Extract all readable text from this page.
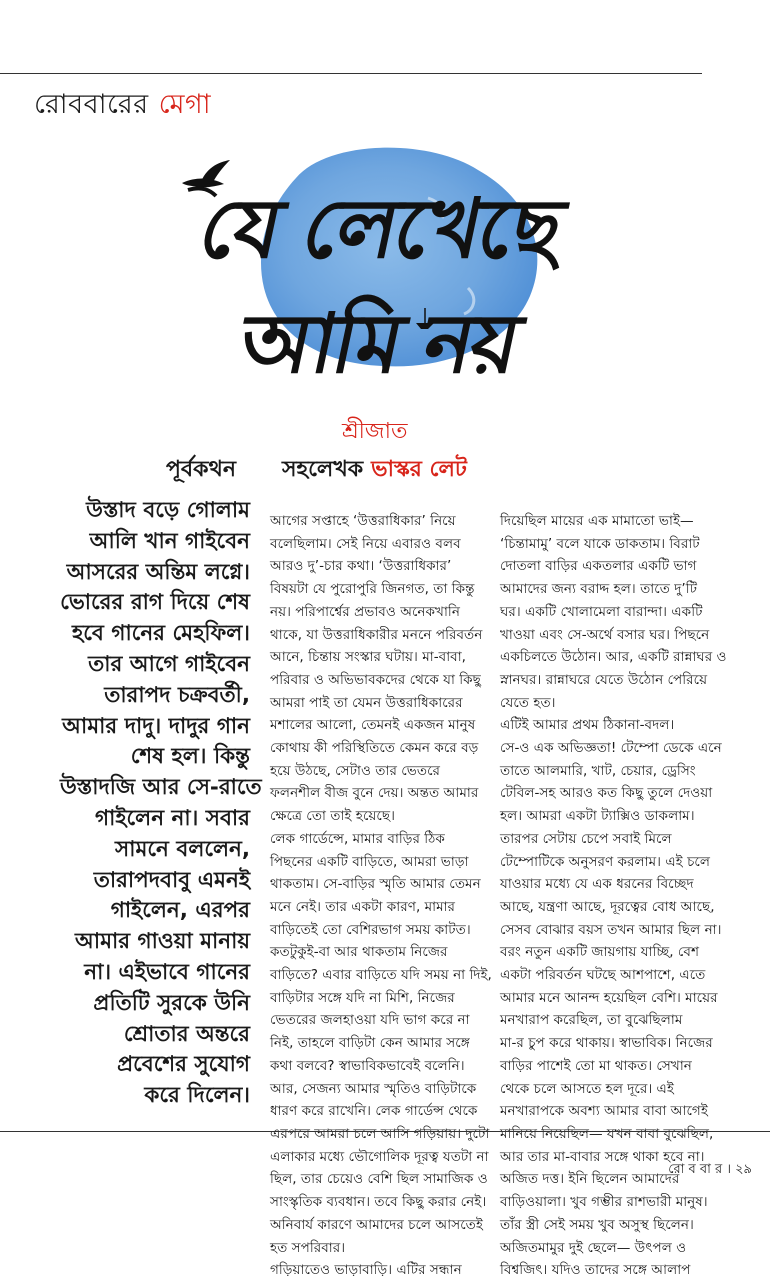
রোববারের মেগা
যে লেখেছে
আমি নয়
শ্রীজাত
পূর্বকথন সহলেখক ভাস্কর লেট
উস্তাদ বড়ে গোলাম
আলি খান গাইবেন
আসরের অন্তিম লগ্নে।
ভোরের রাগ দিয়ে শেষ
হবে গানের মেহফিল।
তার আগে গাইবেন
তারাপদ চক্রবর্তী,
আমার দাদু। দাদুর গান
শেষ হল। কিন্তু
উস্তাদজি আর সে-রাতে
গাইলেন না। সবার
সামনে বললেন,
তারাপদবাবু এমনই
গাইলেন, এরপর
আমার গাওয়া মানায়
না। এইভাবে গানের
প্রতিটি সুরকে উনি
শ্রোতার অন্তরে
প্রবেশের সুযোগ
করে দিলেন।
আগের সপ্তাহে ‘উত্তরাধিকার’ নিয়ে
বলেছিলাম। সেই নিয়ে এবারও বলব
আরও দু’-চার কথা। ‘উত্তরাধিকার’
বিষয়টা যে পুরোপুরি জিনগত, তা কিন্তু
নয়। পরিপার্শ্বের প্রভাবও অনেকখানি
থাকে, যা উত্তরাধিকারীর মননে পরিবর্তন
আনে, চিন্তায় সংস্কার ঘটায়। মা-বাবা,
পরিবার ও অভিভাবকদের থেকে যা কিছু
আমরা পাই তা যেমন উত্তরাধিকারের
মশালের আলো, তেমনই একজন মানুষ
কোথায় কী পরিস্থিতিতে কেমন করে বড়
হয়ে উঠছে, সেটাও তার ভেতরে
ফলনশীল বীজ বুনে দেয়। অন্তত আমার
ক্ষেত্রে তো তাই হয়েছে।
লেক গার্ডেন্সে, মামার বাড়ির ঠিক
পিছনের একটি বাড়িতে, আমরা ভাড়া
থাকতাম। সে-বাড়ির স্মৃতি আমার তেমন
মনে নেই। তার একটা কারণ, মামার
বাড়িতেই তো বেশিরভাগ সময় কাটত।
কতটুকুই-বা আর থাকতাম নিজের
বাড়িতে? এবার বাড়িতে যদি সময় না দিই,
বাড়িটার সঙ্গে যদি না মিশি, নিজের
ভেতরের জলহাওয়া যদি ভাগ করে না
নিই, তাহলে বাড়িটা কেন আমার সঙ্গে
কথা বলবে? স্বাভাবিকভাবেই বলেনি।
আর, সেজন্য আমার স্মৃতিও বাড়িটাকে
ধারণ করে রাখেনি। লেক গার্ডেন্স থেকে
এরপরে আমরা চলে আসি গড়িয়ায়। দুটো
এলাকার মধ্যে ভৌগোলিক দূরত্ব যতটা না
ছিল, তার চেয়েও বেশি ছিল সামাজিক ও
সাংস্কৃতিক ব্যবধান। তবে কিছু করার নেই।
অনিবার্য কারণে আমাদের চলে আসতেই
হত সপরিবার।
গড়িয়াতেও ভাড়াবাড়ি। এটির সন্ধান
দিয়েছিল মায়ের এক মামাতো ভাই—
‘চিন্তামামু’ বলে যাকে ডাকতাম। বিরাট
দোতলা বাড়ির একতলার একটি ভাগ
আমাদের জন্য বরাদ্দ হল। তাতে দু’টি
ঘর। একটি খোলামেলা বারান্দা। একটি
খাওয়া এবং সে-অর্থে বসার ঘর। পিছনে
একচিলতে উঠোন। আর, একটি রান্নাঘর ও
স্নানঘর। রান্নাঘরে যেতে উঠোন পেরিয়ে
যেতে হত।
এটিই আমার প্রথম ঠিকানা-বদল।
সে-ও এক অভিজ্ঞতা! টেম্পো ডেকে এনে
তাতে আলমারি, খাট, চেয়ার, ড্রেসিং
টেবিল-সহ আরও কত কিছু তুলে দেওয়া
হল। আমরা একটা ট্যাক্সিও ডাকলাম।
তারপর সেটায় চেপে সবাই মিলে
টেম্পোটিকে অনুসরণ করলাম। এই চলে
যাওয়ার মধ্যে যে এক ধরনের বিচ্ছেদ
আছে, যন্ত্রণা আছে, দূরত্বের বোধ আছে,
সেসব বোঝার বয়স তখন আমার ছিল না।
বরং নতুন একটি জায়গায় যাচ্ছি, বেশ
একটা পরিবর্তন ঘটছে আশপাশে, এতে
আমার মনে আনন্দ হয়েছিল বেশি। মায়ের
মনখারাপ করেছিল, তা বুঝেছিলাম
মা-র চুপ করে থাকায়। স্বাভাবিক। নিজের
বাড়ির পাশেই তো মা থাকত। সেখান
থেকে চলে আসতে হল দূরে। এই
মনখারাপকে অবশ্য আমার বাবা আগেই
মানিয়ে নিয়েছিল— যখন বাবা বুঝেছিল,
আর তার মা-বাবার সঙ্গে থাকা হবে না।
অজিত দত্ত। ইনি ছিলেন আমাদের
বাড়িওয়ালা। খুব গম্ভীর রাশভারী মানুষ।
তাঁর স্ত্রী সেই সময় খুব অসুস্থ ছিলেন।
অজিতমামুর দুই ছেলে— উৎপল ও
বিশ্বজিৎ। যদিও তাদের সঙ্গে আলাপ
রো ব বা র । ২৯
